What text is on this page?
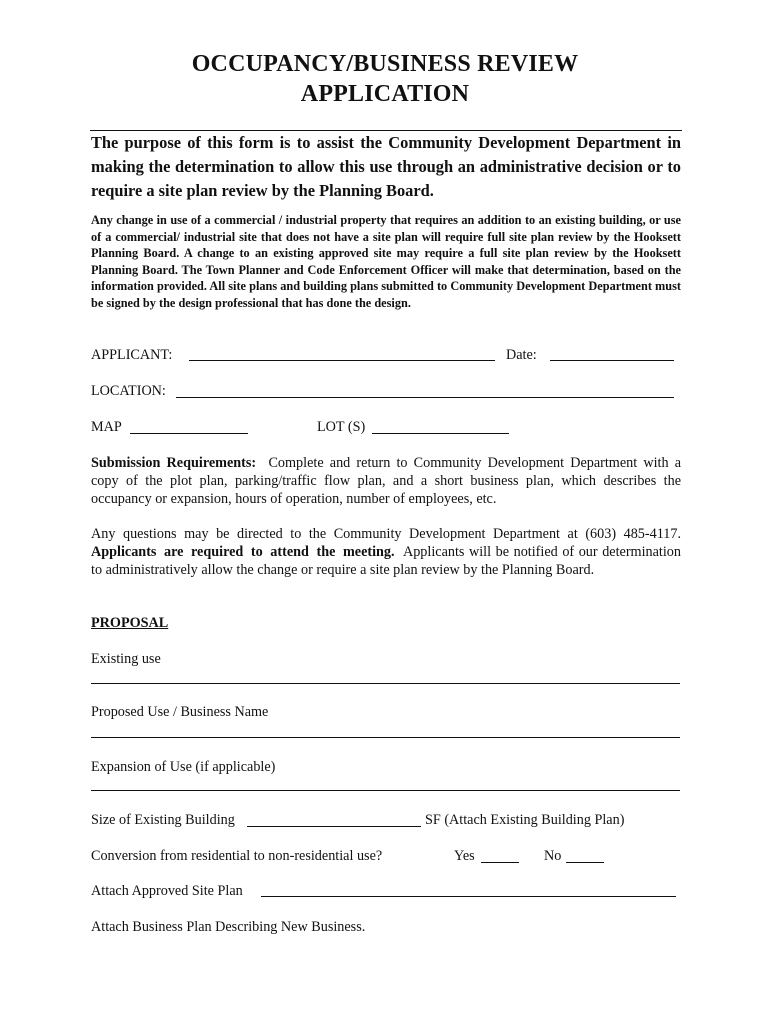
OCCUPANCY/BUSINESS REVIEW
APPLICATION
The purpose of this form is to assist the Community Development Department in making the determination to allow this use through an administrative decision or to require a site plan review by the Planning Board.
Any change in use of a commercial / industrial property that requires an addition to an existing building, or use of a commercial/ industrial site that does not have a site plan will require full site plan review by the Hooksett Planning Board. A change to an existing approved site may require a full site plan review by the Hooksett Planning Board. The Town Planner and Code Enforcement Officer will make that determination, based on the information provided. All site plans and building plans submitted to Community Development Department must be signed by the design professional that has done the design.
APPLICANT:	Date:
LOCATION:
MAP	LOT (S)
Submission Requirements: Complete and return to Community Development Department with a copy of the plot plan, parking/traffic flow plan, and a short business plan, which describes the occupancy or expansion, hours of operation, number of employees, etc.
Any questions may be directed to the Community Development Department at (603) 485-4117. Applicants are required to attend the meeting. Applicants will be notified of our determination to administratively allow the change or require a site plan review by the Planning Board.
PROPOSAL
Existing use
Proposed Use / Business Name
Expansion of Use (if applicable)
Size of Existing Building	SF (Attach Existing Building Plan)
Conversion from residential to non-residential use?	Yes	No
Attach Approved Site Plan
Attach Business Plan Describing New Business.
